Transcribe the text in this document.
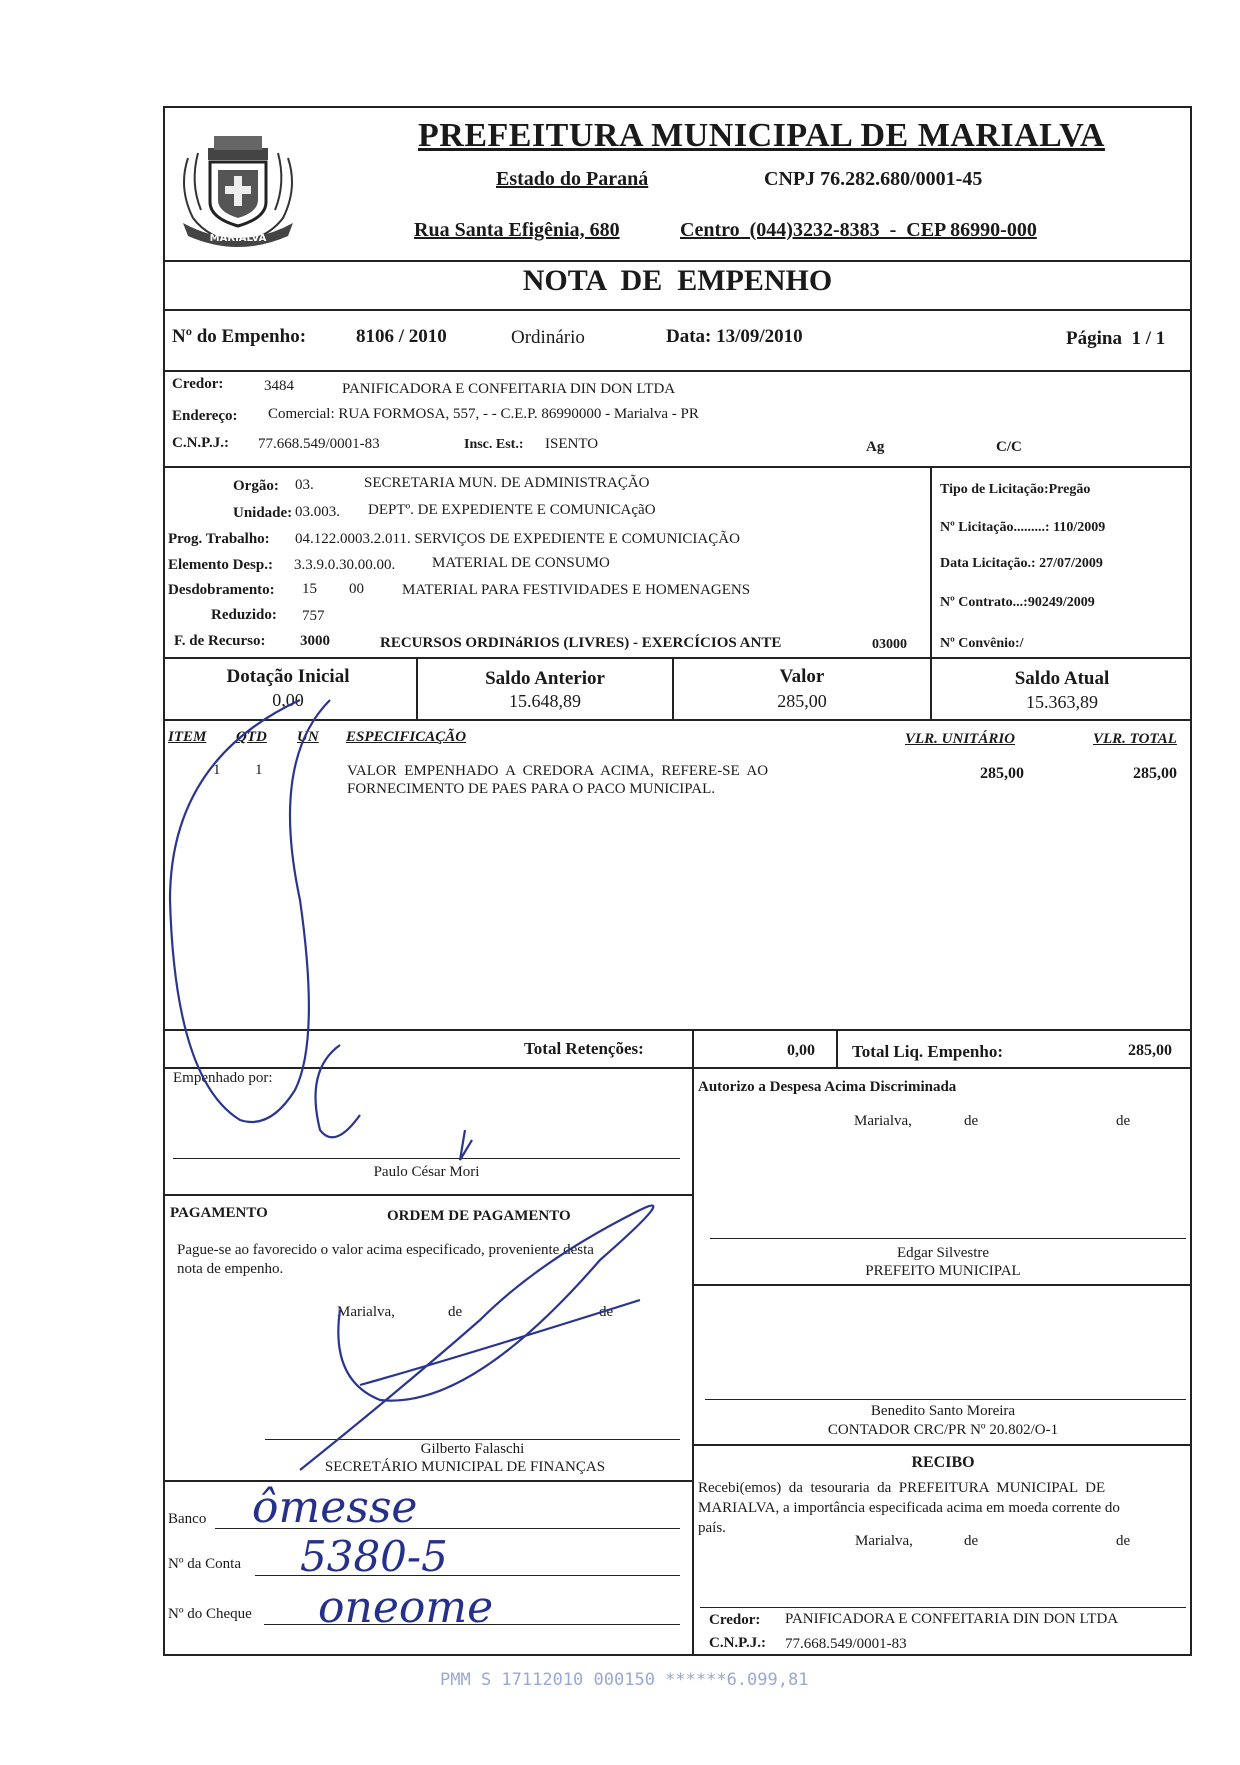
MARIALVA
PREFEITURA MUNICIPAL DE MARIALVA
Estado do Paraná	CNPJ 76.282.680/0001-45
Rua Santa Efigênia, 680	Centro  (044)3232-8383  -  CEP 86990-000
NOTA  DE  EMPENHO
Nº do Empenho:	8106 / 2010	Ordinário	Data: 13/09/2010	Página  1 / 1
Credor:	3484	PANIFICADORA E CONFEITARIA DIN DON LTDA
Endereço: Comercial: RUA FORMOSA, 557, - - C.E.P. 86990000 - Marialva - PR
C.N.P.J.: 77.668.549/0001-83	Insc. Est.: ISENTO	Ag	C/C
Orgão: 03.	SECRETARIA MUN. DE ADMINISTRAÇÃO
Unidade: 03.003. DEPTº. DE EXPEDIENTE E COMUNICAçãO
Prog. Trabalho: 04.122.0003.2.011. SERVIÇOS DE EXPEDIENTE E COMUNICIAÇÃO
Elemento Desp.: 3.3.9.0.30.00.00. MATERIAL DE CONSUMO
Desdobramento: 15 00	MATERIAL PARA FESTIVIDADES E HOMENAGENS
Reduzido: 757
F. de Recurso: 3000	RECURSOS ORDINáRIOS (LIVRES) - EXERCÍCIOS ANTE	03000
Tipo de Licitação:Pregão
Nº Licitação.........: 110/2009
Data Licitação.: 27/07/2009
Nº Contrato...:90249/2009
Nº Convênio:/
Dotação Inicial
0,00
Saldo Anterior
15.648,89
Valor
285,00
Saldo Atual
15.363,89
ITEM QTD UN ESPECIFICAÇÃO	VLR. UNITÁRIO	VLR. TOTAL
1 1	VALOR  EMPENHADO  A  CREDORA  ACIMA,  REFERE-SE  AO
FORNECIMENTO DE PAES PARA O PACO MUNICIPAL.
285,00	285,00
Total Retenções:	0,00 Total Liq. Empenho:	285,00
Empenhado por:
Paulo César Mori
PAGAMENTO	ORDEM DE PAGAMENTO
Pague-se ao favorecido o valor acima especificado, proveniente desta
nota de empenho.
Marialva,	de	de
Gilberto Falaschi
SECRETÁRIO MUNICIPAL DE FINANÇAS
Banco
Nº da Conta
Nº do Cheque
ômesse
5380-5
oneome
Autorizo a Despesa Acima Discriminada
Marialva,	de	de
Edgar Silvestre
PREFEITO MUNICIPAL
Benedito Santo Moreira
CONTADOR CRC/PR Nº 20.802/O-1
RECIBO
Recebi(emos)  da  tesouraria  da  PREFEITURA  MUNICIPAL  DE
MARIALVA, a importância especificada acima em moeda corrente do
país.
Marialva,	de	de
Credor: PANIFICADORA E CONFEITARIA DIN DON LTDA
C.N.P.J.: 77.668.549/0001-83
PMM S 17112010 000150 ******6.099,81
